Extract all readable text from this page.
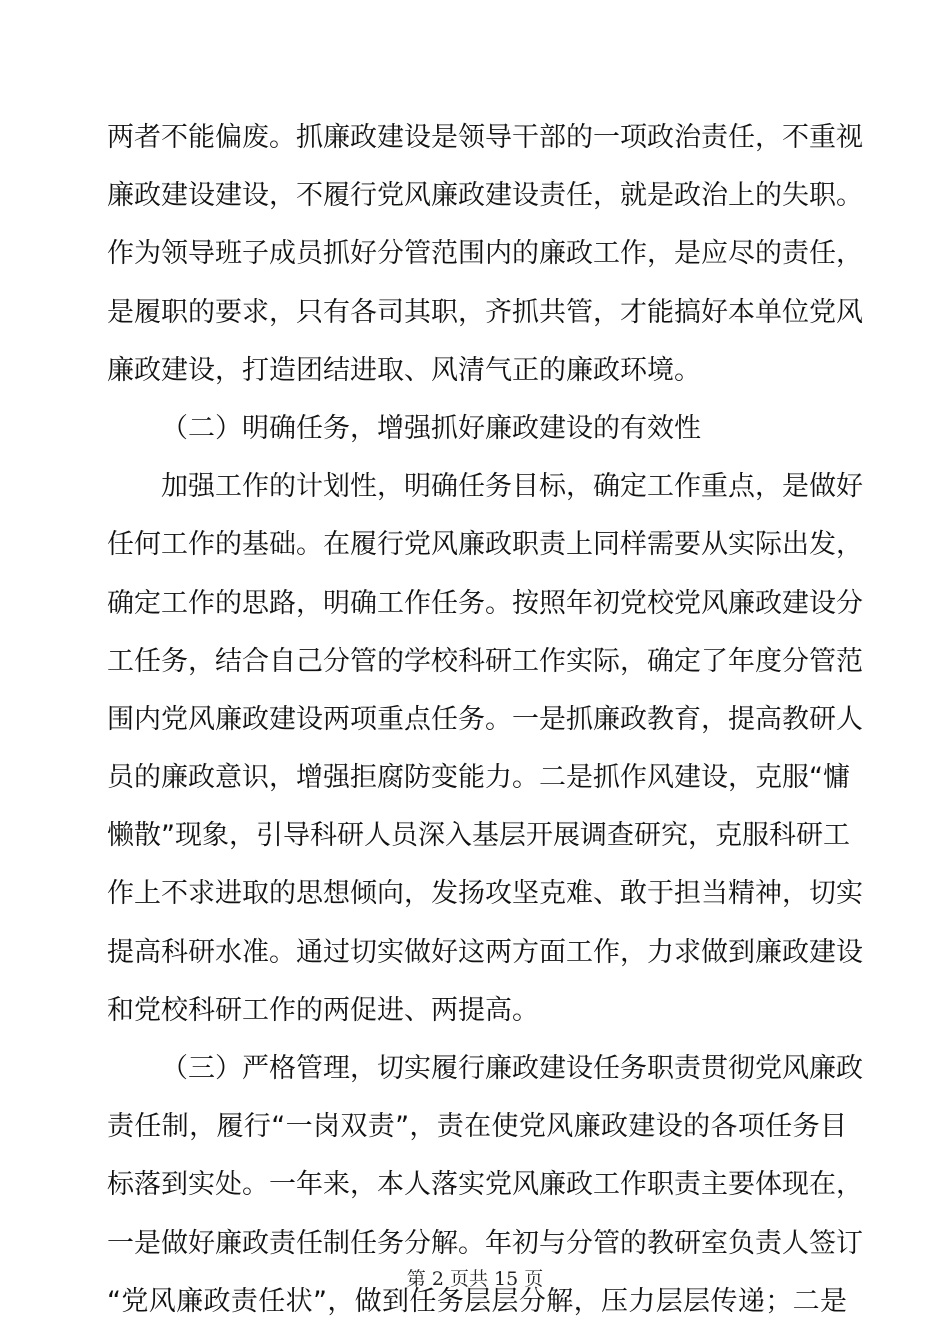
两者不能偏废。抓廉政建设是领导干部的一项政治责任，不重视
廉政建设建设，不履行党风廉政建设责任，就是政治上的失职。
作为领导班子成员抓好分管范围内的廉政工作，是应尽的责任，
是履职的要求，只有各司其职，齐抓共管，才能搞好本单位党风
廉政建设，打造团结进取、风清气正的廉政环境。
（二）明确任务，增强抓好廉政建设的有效性
加强工作的计划性，明确任务目标，确定工作重点，是做好
任何工作的基础。在履行党风廉政职责上同样需要从实际出发，
确定工作的思路，明确工作任务。按照年初党校党风廉政建设分
工任务，结合自己分管的学校科研工作实际，确定了年度分管范
围内党风廉政建设两项重点任务。一是抓廉政教育，提高教研人
员的廉政意识，增强拒腐防变能力。二是抓作风建设，克服“慵
懒散”现象，引导科研人员深入基层开展调查研究，克服科研工
作上不求进取的思想倾向，发扬攻坚克难、敢于担当精神，切实
提高科研水准。通过切实做好这两方面工作，力求做到廉政建设
和党校科研工作的两促进、两提高。
（三）严格管理，切实履行廉政建设任务职责贯彻党风廉政
责任制，履行“一岗双责”，责在使党风廉政建设的各项任务目
标落到实处。一年来，本人落实党风廉政工作职责主要体现在，
一是做好廉政责任制任务分解。年初与分管的教研室负责人签订
“党风廉政责任状”，做到任务层层分解，压力层层传递；二是
第 2 页共 15 页
